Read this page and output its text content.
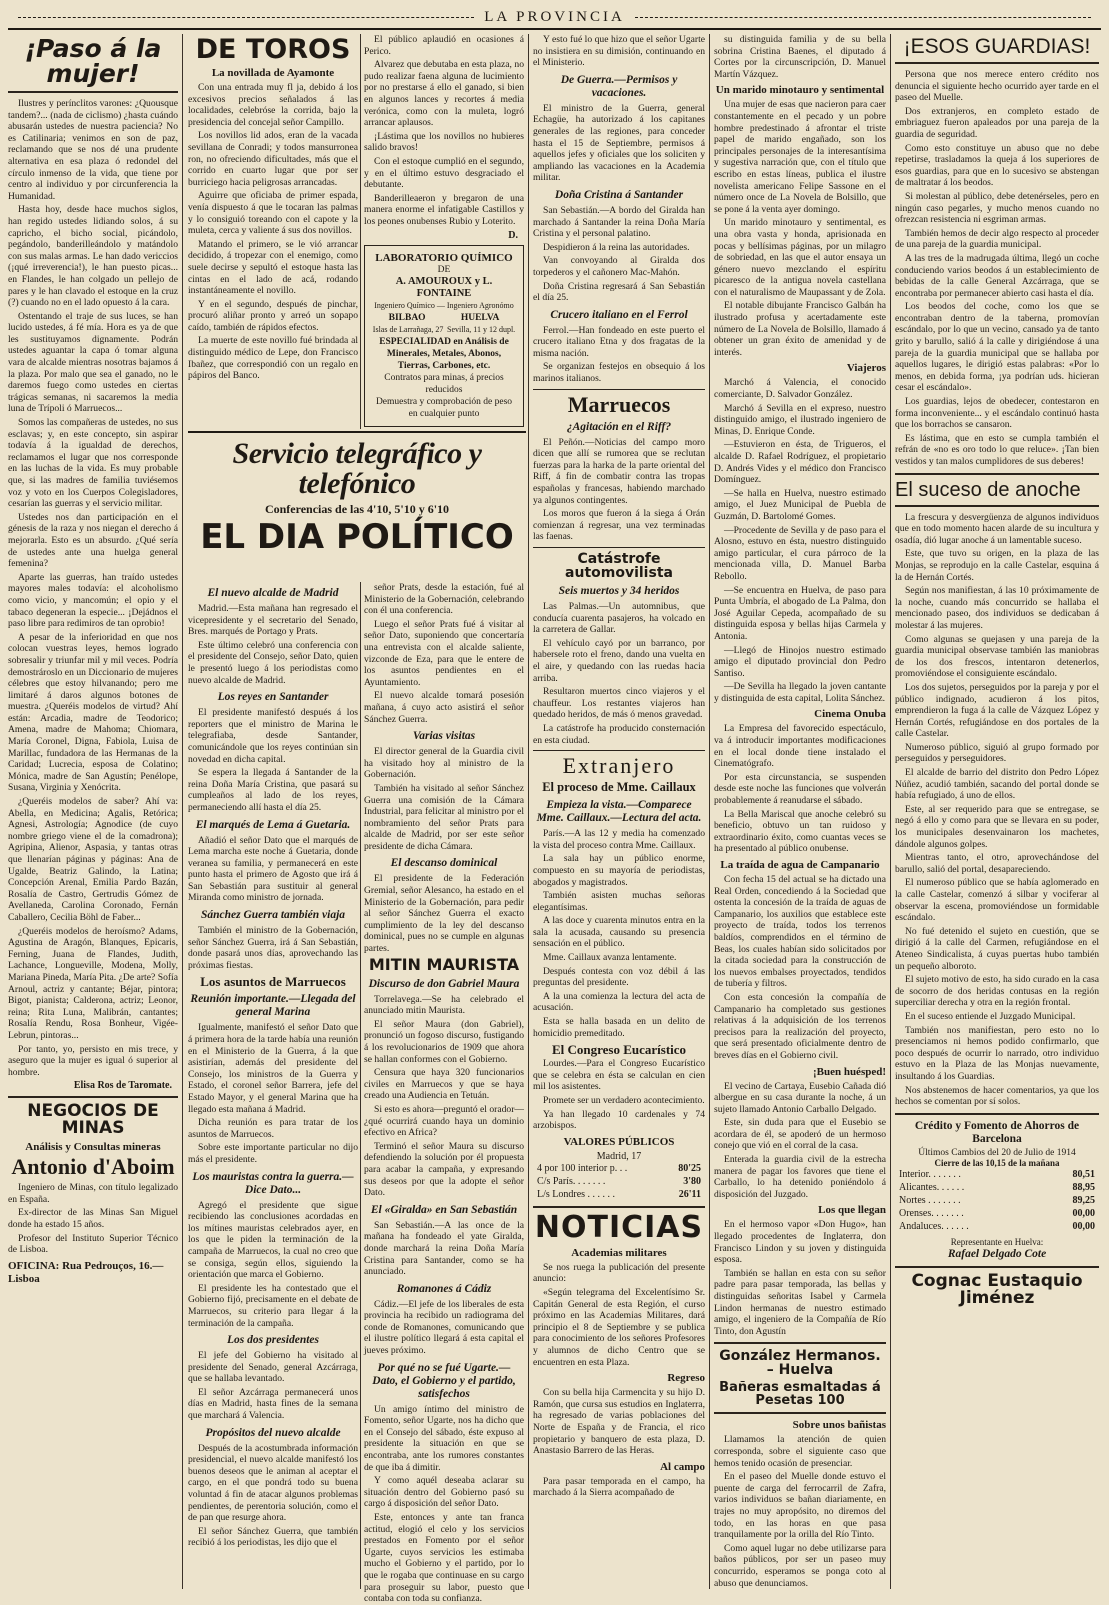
LA PROVINCIA
¡Paso á la mujer!

Ilustres y perínclitos varones: ¿Quousque tandem?... (nada de ciclismo) ¿hasta cuándo abusarán ustedes de nuestra paciencia? No es Catilinaria; venimos en son de paz, reclamando que se nos dé una prudente alternativa en esa plaza ó redondel del círculo inmenso de la vida, que tiene por centro al individuo y por circunferencia la Humanidad.

Hasta hoy, desde hace muchos siglos, han regido ustedes lidiando solos, á su capricho, el bicho social, picándolo, pegándolo, banderilleándolo y matándolo con sus malas armas. Le han dado vericcios (¡qué irreverencia!), le han puesto picas... en Flandes, le han colgado un pellejo de pares y le han clavado el estoque en la cruz (?) cuando no en el lado opuesto á la cara.

Ostentando el traje de sus luces, se han lucido ustedes, á fé mía. Hora es ya de que les sustituyamos dignamente. Podrán ustedes aguantar la capa ó tomar alguna vara de alcalde mientras nosotras bajamos á la plaza. Por malo que sea el ganado, no le daremos fuego como ustedes en ciertas trágicas semanas, ni sacaremos la media luna de Trípoli ó Marruecos...

Somos las compañeras de ustedes, no sus esclavas; y, en este concepto, sin aspirar todavía á la igualdad de derechos, reclamamos el lugar que nos corresponde en las luchas de la vida. Es muy probable que, si las madres de familia tuviésemos voz y voto en los Cuerpos Colegisladores, cesarían las guerras y el servicio militar.

Ustedes nos dan participación en el génesis de la raza y nos niegan el derecho á mejorarla. Esto es un absurdo. ¿Qué sería de ustedes ante una huelga general femenina?

Aparte las guerras, han traído ustedes mayores males todavía: el alcoholismo como vicio, y mancomún; el opio y el tabaco degeneran la especie... ¡Dejádnos el paso libre para redimiros de tan oprobio!

A pesar de la inferioridad en que nos colocan vuestras leyes, hemos logrado sobresalir y triunfar mil y mil veces. Podría demostrároslo en un Diccionario de mujeres célebres que estoy hilvanando; pero me limitaré á daros algunos botones de muestra. ¿Queréis modelos de virtud? Ahí están: Arcadia, madre de Teodorico; Amena, madre de Mahoma; Chiomara, María Coronel, Digna, Fabiola, Luisa de Marillac, fundadora de las Hermanas de la Caridad; Lucrecia, esposa de Colatino; Mónica, madre de San Agustín; Penélope, Susana, Virginia y Xenócrita.

¿Queréis modelos de saber? Ahí va: Abella, en Medicina; Agalis, Retórica; Agnesi, Astrología; Agnodice (de cuyo nombre griego viene el de la comadrona); Agripina, Alienor, Aspasia, y tantas otras que llenarían páginas y páginas: Ana de Ugalde, Beatriz Galindo, la Latina; Concepción Arenal, Emilia Pardo Bazán, Rosalía de Castro, Gertrudis Gómez de Avellaneda, Carolina Coronado, Fernán Caballero, Cecilia Böhl de Faber...

¿Queréis modelos de heroísmo? Adams, Agustina de Aragón, Blanques, Epicaris, Ferning, Juana de Flandes, Judith, Lachance, Longueville, Modena, Molly, Mariana Pineda, María Pita. ¿De arte? Sofía Arnoul, actriz y cantante; Béjar, pintora; Bigot, pianista; Calderona, actriz; Leonor, reina; Rita Luna, Malibrán, cantantes; Rosalía Rendu, Rosa Bonheur, Vigée-Lebrun, pintoras...

Por tanto, yo, persisto en mis trece, y aseguro que la mujer es igual ó superior al hombre.

Elisa Ros de Taromate.
NEGOCIOS DE MINAS
Análisis y Consultas mineras
Antonio d'Aboim

Ingeniero de Minas, con título legalizado en España.

Ex-director de las Minas San Miguel donde ha estado 15 años.

Profesor del Instituto Superior Técnico de Lisboa.

OFICINA: Rua Pedrouços, 16.—Lisboa
DE TOROS
La novillada de Ayamonte

Con una entrada muy fl ja, debido á los excesivos precios señalados á las localidades, celebróse la corrida, bajo la presidencia del concejal señor Campillo.

Los novillos lid ados, eran de la vacada sevillana de Conradi; y todos mansurronea ron, no ofreciendo dificultades, más que el corrido en cuarto lugar que por ser burriciego hacia peligrosas arrancadas.

Aguirre que oficiaba de primer espada, venía dispuesto á que le tocaran las palmas y lo consiguió toreando con el capote y la muleta, cerca y valiente á sus dos novillos.

Matando el primero, se le vió arrancar decidido, á tropezar con el enemigo, como suele decirse y sepultó el estoque hasta las cintas en el lado de acá, rodando instantáneamente el novillo.

Y en el segundo, después de pinchar, procuró aliñar pronto y arreó un sopapo caído, también de rápidos efectos.

La muerte de este novillo fué brindada al distinguido médico de Lepe, don Francisco Ibañez, que correspondió con un regalo en pápiros del Banco.

El público aplaudió en ocasiones á Perico.

Alvarez que debutaba en esta plaza, no pudo realizar faena alguna de lucimiento por no prestarse á ello el ganado, si bien en algunos lances y recortes á media verónica, como con la muleta, logró arrancar aplausos.

¡Lástima que los novillos no hubieres salido bravos!

Con el estoque cumplió en el segundo, y en el último estuvo desgraciado el debutante.

Banderilleaeron y bregaron de una manera enorme el infatigable Castillos y los peones onubenses Rubio y Loterito.

D.
LABORATORIO QUÍMICO
DE
A. AMOUROUX y L. FONTAINE
Ingeniero Químico — Ingeniero Agronómo
BILBAO	HUELVA
Islas de Larrañaga, 27 Sevilla, 11 y 12 dupl.
ESPECIALIDAD en Análisis de Minerales, Metales, Abonos, Tierras, Carbones, etc.
Contratos para minas, á precios reducidos
Demuestra y comprobación de peso en cualquier punto
Servicio telegráfico y telefónico
Conferencias de las 4'10, 5'10 y 6'10
EL DIA POLÍTICO
El nuevo alcalde de Madrid

Madrid.—Esta mañana han regresado el vicepresidente y el secretario del Senado, Bres. marqués de Portago y Prats.

Este último celebró una conferencia con el presidente del Consejo, señor Dato, quien le presentó luego á los periodistas como nuevo alcalde de Madrid.

Los reyes en Santander

El presidente manifestó después á los reporters que el ministro de Marina le telegrafiaba, desde Santander, comunicándole que los reyes continúan sin novedad en dicha capital.

Se espera la llegada á Santander de la reina Doña María Cristina, que pasará su cumpleaños al lado de los reyes, permaneciendo allí hasta el día 25.

El marqués de Lema á Guetaria.

Añadió el señor Dato que el marqués de Lema marcha este noche á Guetaria, donde veranea su familia, y permanecerá en este punto hasta el primero de Agosto que irá á San Sebastián para sustituir al general Miranda como ministro de jornada.

Sánchez Guerra también viaja

También el ministro de la Gobernación, señor Sánchez Guerra, irá á San Sebastián, donde pasará unos días, aprovechando las próximas fiestas.

Los asuntos de Marruecos
Reunión importante.—Llegada del general Marina

Igualmente, manifestó el señor Dato que á primera hora de la tarde había una reunión en el Ministerio de la Guerra, á la que asistirían, además del presidente del Consejo, los ministros de la Guerra y Estado, el coronel señor Barrera, jefe del Estado Mayor, y el general Marina que ha llegado esta mañana á Madrid.

Dicha reunión es para tratar de los asuntos de Marruecos.

Sobre este importante particular no dijo más el presidente.

Los mauristas contra la guerra.—Dice Dato...

Agregó el presidente que sigue recibiendo las conclusiones acordadas en los mítines mauristas celebrados ayer, en los que le piden la terminación de la campaña de Marruecos, la cual no creo que se consiga, según ellos, siguiendo la orientación que marca el Gobierno.

El presidente les ha contestado que el Gobierno fijó, precisamente en el debate de Marruecos, su criterio para llegar á la terminación de la campaña.

Los dos presidentes

El jefe del Gobierno ha visitado al presidente del Senado, general Azcárraga, que se hallaba levantado.

El señor Azcárraga permanecerá unos días en Madrid, hasta fines de la semana que marchará á Valencia.

Propósitos del nuevo alcalde

Después de la acostumbrada información presidencial, el nuevo alcalde manifestó los buenos deseos que le animan al aceptar el cargo, en el que pondrá todo su buena voluntad á fin de atacar algunos problemas pendientes, de perentoria solución, como el de pan que resurge ahora.

El señor Sánchez Guerra, que también recibió á los periodistas, les dijo que el

señor Prats, desde la estación, fué al Ministerio de la Gobernación, celebrando con él una conferencia.

Luego el señor Prats fué á visitar al señor Dato, suponiendo que concertaría una entrevista con el alcalde saliente, vizconde de Eza, para que le entere de los asuntos pendientes en el Ayuntamiento.

El nuevo alcalde tomará posesión mañana, á cuyo acto asistirá el señor Sánchez Guerra.

Varias visitas

El director general de la Guardia civil ha visitado hoy al ministro de la Gobernación.

También ha visitado al señor Sánchez Guerra una comisión de la Cámara Industrial, para felicitar al ministro por el nombramiento del señor Prats para alcalde de Madrid, por ser este señor presidente de dicha Cámara.

El descanso dominical

El presidente de la Federación Gremial, señor Alesanco, ha estado en el Ministerio de la Gobernación, para pedir al señor Sánchez Guerra el exacto cumplimiento de la ley del descanso dominical, pues no se cumple en algunas partes.

MITIN MAURISTA
Discurso de don Gabriel Maura

Torrelavega.—Se ha celebrado el anunciado mitin Maurista.

El señor Maura (don Gabriel), pronunció un fogoso discurso, fustigando á los revolucionarios de 1909 que ahora se hallan conformes con el Gobierno.

Censura que haya 320 funcionarios civiles en Marruecos y que se haya creado una Audiencia en Tetuán.

Si esto es ahora—preguntó el orador—¿qué ocurrirá cuando haya un dominio efectivo en Africa?

Terminó el señor Maura su discurso defendiendo la solución por él propuesta para acabar la campaña, y expresando sus deseos por que la adopte el señor Dato.

El «Giralda» en San Sebastián

San Sebastián.—A las once de la mañana ha fondeado el yate Giralda, donde marchará la reina Doña María Cristina para Santander, como se ha anunciado.

Romanones á Cádiz

Cádiz.—El jefe de los liberales de esta provincia ha recibido un radiograma del conde de Romanones, comunicando que el ilustre político llegará á esta capital el jueves próximo.

Por qué no se fué Ugarte.— Dato, el Gobierno y el partido, satisfechos

Un amigo íntimo del ministro de Fomento, señor Ugarte, nos ha dicho que en el Consejo del sábado, éste expuso al presidente la situación en que se encontraba, ante los rumores constantes de que iba á dimitir.

Y como aquél deseaba aclarar su situación dentro del Gobierno pasó su cargo á disposición del señor Dato.

Este, entonces y ante tan franca actitud, elogió el celo y los servicios prestados en Fomento por el señor Ugarte, cuyos servicios les estimaba mucho el Gobierno y el partido, por lo que le rogaba que continuase en su cargo para proseguir su labor, puesto que contaba con toda su confianza.

Y esto fué lo que hizo que el señor Ugarte no insistiera en su dimisión, continuando en el Ministerio.

De Guerra.—Permisos y vacaciones.

El ministro de la Guerra, general Echagüe, ha autorizado á los capitanes generales de las regiones, para conceder hasta el 15 de Septiembre, permisos á aquellos jefes y oficiales que los soliciten y ampliando las vacaciones en la Academia militar.

Doña Cristina á Santander

San Sebastián.—A bordo del Giralda han marchado á Santander la reina Doña María Cristina y el personal palatino.

Despidieron á la reina las autoridades.

Van convoyando al Giralda dos torpederos y el cañonero Mac-Mahón.

Doña Cristina regresará á San Sebastián el día 25.

Crucero italiano en el Ferrol

Ferrol.—Han fondeado en este puerto el crucero italiano Etna y dos fragatas de la misma nación.

Se organizan festejos en obsequio á los marinos italianos.

Marruecos
¿Agitación en el Riff?

El Peñón.—Noticias del campo moro dicen que allí se rumorea que se reclutan fuerzas para la harka de la parte oriental del Riff, á fin de combatir contra las tropas españolas y francesas, habiendo marchado ya algunos contingentes.

Los moros que fueron á la siega á Orán comienzan á regresar, una vez terminadas las faenas.

Catástrofe automovilista
Seis muertos y 34 heridos

Las Palmas.—Un automnibus, que conducía cuarenta pasajeros, ha volcado en la carretera de Gallar.

El vehículo cayó por un barranco, por habersele roto el freno, dando una vuelta en el aire, y quedando con las ruedas hacia arriba.

Resultaron muertos cinco viajeros y el chauffeur. Los restantes viajeros han quedado heridos, de más ó menos gravedad.

La catástrofe ha producido consternación en esta ciudad.

Extranjero
El proceso de Mme. Caillaux
Empieza la vista.—Comparece Mme. Caillaux.—Lectura del acta.

París.—A las 12 y media ha comenzado la vista del proceso contra Mme. Caillaux.

La sala hay un público enorme, compuesto en su mayoría de periodistas, abogados y magistrados.

También asisten muchas señoras elegantísimas.

A las doce y cuarenta minutos entra en la sala la acusada, causando su presencia sensación en el público.

Mme. Caillaux avanza lentamente.

Después contesta con voz débil á las preguntas del presidente.

A la una comienza la lectura del acta de acusación.

Esta se halla basada en un delito de homicidio premeditado.

El Congreso Eucarístico

Lourdes.—Para el Congreso Eucarístico que se celebra en ésta se calculan en cien mil los asistentes.

Promete ser un verdadero acontecimiento.

Ya han llegado 10 cardenales y 74 arzobispos.

VALORES PÚBLICOS
Madrid, 17
4 por 100 interior p. . .	80'25
C/s París. . . . . . .	3'80
L/s Londres . . . . . .	26'11
NOTICIAS
Academias militares

Se nos ruega la publicación del presente anuncio:

«Según telegrama del Excelentísimo Sr. Capitán General de esta Región, el curso próximo en las Academias Militares, dará principio el 8 de Septiembre y se publica para conocimiento de los señores Profesores y alumnos de dicho Centro que se encuentren en esta Plaza.

Regreso

Con su bella hija Carmencita y su hijo D. Ramón, que cursa sus estudios en Inglaterra, ha regresado de varias poblaciones del Norte de España y de Francia, el rico propietario y banquero de esta plaza, D. Anastasio Barrero de las Heras.

Al campo

Para pasar temporada en el campo, ha marchado á la Sierra acompañado de

su distinguida familia y de su bella sobrina Cristina Baenes, el diputado á Cortes por la circunscripción, D. Manuel Martín Vázquez.

Un marido minotauro y sentimental

Una mujer de esas que nacieron para caer constantemente en el pecado y un pobre hombre predestinado á afrontar el triste papel de marido engañado, son los principales personajes de la interesantísima y sugestiva narración que, con el título que escribo en estas líneas, publica el ilustre novelista americano Felipe Sassone en el número once de La Novela de Bolsillo, que se pone á la venta ayer domingo.

Un marido minotauro y sentimental, es una obra vasta y honda, aprisionada en pocas y bellísimas páginas, por un milagro de sobriedad, en las que el autor ensaya un género nuevo mezclando el espíritu picaresco de la antigua novela castellana con el naturalismo de Maupassant y de Zola.

El notable dibujante Francisco Galbán ha ilustrado profusa y acertadamente este número de La Novela de Bolsillo, llamado á obtener un gran éxito de amenidad y de interés.

Viajeros

Marchó á Valencia, el conocido comerciante, D. Salvador González.

Marchó á Sevilla en el expreso, nuestro distinguido amigo, el ilustrado ingeniero de Minas, D. Enrique Conde.

—Estuvieron en ésta, de Trigueros, el alcalde D. Rafael Rodríguez, el propietario D. Andrés Vides y el médico don Francisco Domínguez.

—Se halla en Huelva, nuestro estimado amigo, el Juez Municipal de Puebla de Guzmán, D. Bartolomé Gomes.

—Procedente de Sevilla y de paso para el Alosno, estuvo en ésta, nuestro distinguido amigo particular, el cura párroco de la mencionada villa, D. Manuel Barba Rebollo.

—Se encuentra en Huelva, de paso para Punta Umbría, el abogado de La Palma, don José Aguilar Cepeda, acompañado de su distinguida esposa y bellas hijas Carmela y Antonia.

—Llegó de Hinojos nuestro estimado amigo el diputado provincial don Pedro Santiso.

—De Sevilla ha llegado la joven cantante y distinguida de esta capital, Lolita Sánchez.

Cinema Onuba

La Empresa del favorecido espectáculo, va á introducir importantes modificaciones en el local donde tiene instalado el Cinematógrafo.

Por esta circunstancia, se suspenden desde este noche las funciones que volverán probablemente á reanudarse el sábado.

La Bella Mariscal que anoche celebró su beneficio, obtuvo un tan ruidoso y extraordinario éxito, como cuantas veces se ha presentado al público onubense.

La traída de agua de Campanario

Con fecha 15 del actual se ha dictado una Real Orden, concediendo á la Sociedad que ostenta la concesión de la traída de aguas de Campanario, los auxilios que establece este proyecto de traída, todos los terrenos baldíos, comprendidos en el término de Beas, los cuales habían sido solicitados por la citada sociedad para la construcción de los nuevos embalses proyectados, tendidos de tubería y filtros.

Con esta concesión la compañía de Campanario ha completado sus gestiones relativas á la adquisición de los terrenos precisos para la realización del proyecto, que será presentado oficialmente dentro de breves días en el Gobierno civil.

¡Buen huésped!

El vecino de Cartaya, Eusebio Cañada dió albergue en su casa durante la noche, á un sujeto llamado Antonio Carballo Delgado.

Este, sin duda para que el Eusebio se acordara de él, se apoderó de un hermoso conejo que vió en el corral de la casa.

Enterada la guardia civil de la estrecha manera de pagar los favores que tiene el Carballo, lo ha detenido poniéndolo á disposición del Juzgado.

Los que llegan

En el hermoso vapor «Don Hugo», han llegado procedentes de Inglaterra, don Francisco Lindon y su joven y distinguida esposa.

También se hallan en esta con su señor padre para pasar temporada, las bellas y distinguidas señoritas Isabel y Carmela Lindon hermanas de nuestro estimado amigo, el ingeniero de la Compañía de Río Tinto, don Agustín

González Hermanos. – Huelva
Bañeras esmaltadas á Pesetas 100
Sobre unos bañistas

Llamamos la atención de quien corresponda, sobre el siguiente caso que hemos tenido ocasión de presenciar.

En el paseo del Muelle donde estuvo el puente de carga del ferrocarril de Zafra, varios individuos se bañan diariamente, en trajes no muy apropósito, no diremos del todo, en las horas en que pasa tranquilamente por la orilla del Río Tinto.

Como aquel lugar no debe utilizarse para baños públicos, por ser un paseo muy concurrido, esperamos se ponga coto al abuso que denunciamos.

¡ESOS GUARDIAS!

Persona que nos merece entero crédito nos denuncia el siguiente hecho ocurrido ayer tarde en el paseo del Muelle.

Dos extranjeros, en completo estado de embriaguez fueron apaleados por una pareja de la guardia de seguridad.

Como esto constituye un abuso que no debe repetirse, trasladamos la queja á los superiores de esos guardias, para que en lo sucesivo se abstengan de maltratar á los beodos.

Si molestan al público, debe detenérseles, pero en ningún caso pegarles, y mucho menos cuando no ofrezcan resistencia ni esgriman armas.

También hemos de decir algo respecto al proceder de una pareja de la guardia municipal.

A las tres de la madrugada última, llegó un coche conduciendo varios beodos á un establecimiento de bebidas de la calle General Azcárraga, que se encontraba por permanecer abierto casi hasta el día.

Los beodos del coche, como los que se encontraban dentro de la taberna, promovían escándalo, por lo que un vecino, cansado ya de tanto grito y barullo, salió á la calle y dirigiéndose á una pareja de la guardia municipal que se hallaba por aquellos lugares, le dirigió estas palabras: «Por lo menos, en debida forma, ¡ya podrían uds. hicieran cesar el escándalo».

Los guardias, lejos de obedecer, contestaron en forma inconveniente... y el escándalo continuó hasta que los borrachos se cansaron.

Es lástima, que en esto se cumpla también el refrán de «no es oro todo lo que reluce». ¡Tan bien vestidos y tan malos cumplidores de sus deberes!

El suceso de anoche

La frescura y desvergüenza de algunos individuos que en todo momento hacen alarde de su incultura y osadía, dió lugar anoche á un lamentable suceso.

Este, que tuvo su origen, en la plaza de las Monjas, se reprodujo en la calle Castelar, esquina á la de Hernán Cortés.

Según nos manifiestan, á las 10 próximamente de la noche, cuando más concurrido se hallaba el mencionado paseo, dos individuos se dedicaban á molestar á las mujeres.

Como algunas se quejasen y una pareja de la guardia municipal observase también las maniobras de los dos frescos, intentaron detenerlos, promoviéndose el consiguiente escándalo.

Los dos sujetos, perseguidos por la pareja y por el público indignado, acudieron á los pitos, emprendieron la fuga á la calle de Vázquez López y Hernán Cortés, refugiándose en dos portales de la calle Castelar.

Numeroso público, siguió al grupo formado por perseguidos y perseguidores.

El alcalde de barrio del distrito don Pedro López Núñez, acudió también, sacando del portal donde se había refugiado, á uno de ellos.

Este, al ser requerido para que se entregase, se negó á ello y como para que se llevara en su poder, los municipales desenvainaron los machetes, dándole algunos golpes.

Mientras tanto, el otro, aprovechándose del barullo, salió del portal, desapareciendo.

El numeroso público que se había aglomerado en la calle Castelar, comenzó á silbar y vociferar al observar la escena, promoviéndose un formidable escándalo.

No fué detenido el sujeto en cuestión, que se dirigió á la calle del Carmen, refugiándose en el Ateneo Sindicalista, á cuyas puertas hubo también un pequeño alboroto.

El sujeto motivo de esto, ha sido curado en la casa de socorro de dos heridas contusas en la región superciliar derecha y otra en la región frontal.

En el suceso entiende el Juzgado Municipal.

También nos manifiestan, pero esto no lo presenciamos ni hemos podido confirmarlo, que poco después de ocurrir lo narrado, otro individuo estuvo en la Plaza de las Monjas nuevamente, insultando á los Guardias.

Nos abstenemos de hacer comentarios, ya que los hechos se comentan por sí solos.

Crédito y Fomento de Ahorros de Barcelona
Últimos Cambios del 20 de Julio de 1914
Cierre de las 10,15 de la mañana
Interior. . . . . . .	80,51
Alicantes. . . . . .	88,95
Nortes . . . . . . .	89,25
Orenses. . . . . . .	00,00
Andaluces. . . . . .	00,00
Representante en Huelva:
Rafael Delgado Cote
Cognac Eustaquio Jiménez
